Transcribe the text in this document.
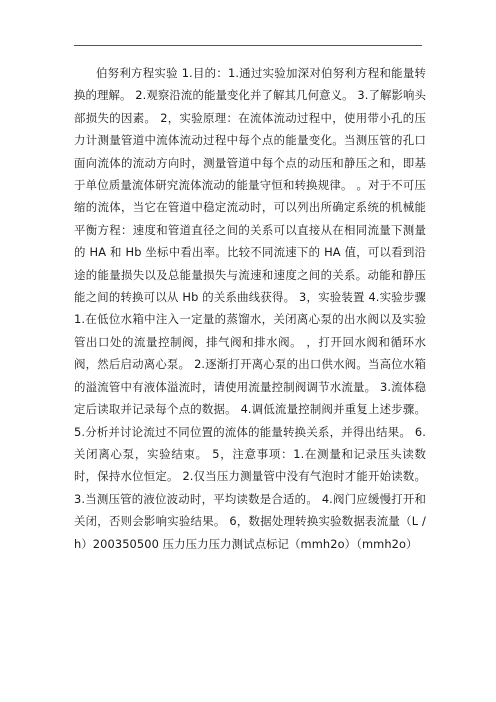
伯努利方程实验 1.目的：1.通过实验加深对伯努利方程和能量转换的理解。 2.观察沿流的能量变化并了解其几何意义。 3.了解影响头部损失的因素。 2，实验原理：在流体流动过程中，使用带小孔的压力计测量管道中流体流动过程中每个点的能量变化。当测压管的孔口面向流体的流动方向时，测量管道中每个点的动压和静压之和，即基于单位质量流体研究流体流动的能量守恒和转换规律。 。对于不可压缩的流体，当它在管道中稳定流动时，可以列出所确定系统的机械能平衡方程：速度和管道直径之间的关系可以直接从在相同流量下测量的 HA 和 Hb 坐标中看出率。比较不同流速下的 HA 值，可以看到沿途的能量损失以及总能量损失与流速和速度之间的关系。动能和静压能之间的转换可以从 Hb 的关系曲线获得。 3，实验装置 4.实验步骤 1.在低位水箱中注入一定量的蒸馏水，关闭离心泵的出水阀以及实验管出口处的流量控制阀，排气阀和排水阀。 ，打开回水阀和循环水阀，然后启动离心泵。 2.逐渐打开离心泵的出口供水阀。当高位水箱的溢流管中有液体溢流时，请使用流量控制阀调节水流量。 3.流体稳定后读取并记录每个点的数据。 4.调低流量控制阀并重复上述步骤。 5.分析并讨论流过不同位置的流体的能量转换关系，并得出结果。 6.关闭离心泵，实验结束。 5，注意事项：1.在测量和记录压头读数时，保持水位恒定。 2.仅当压力测量管中没有气泡时才能开始读数。 3.当测压管的液位波动时，平均读数是合适的。 4.阀门应缓慢打开和关闭，否则会影响实验结果。 6，数据处理转换实验数据表流量（L / h）200350500 压力压力压力测试点标记（mmh2o）（mmh2o）
